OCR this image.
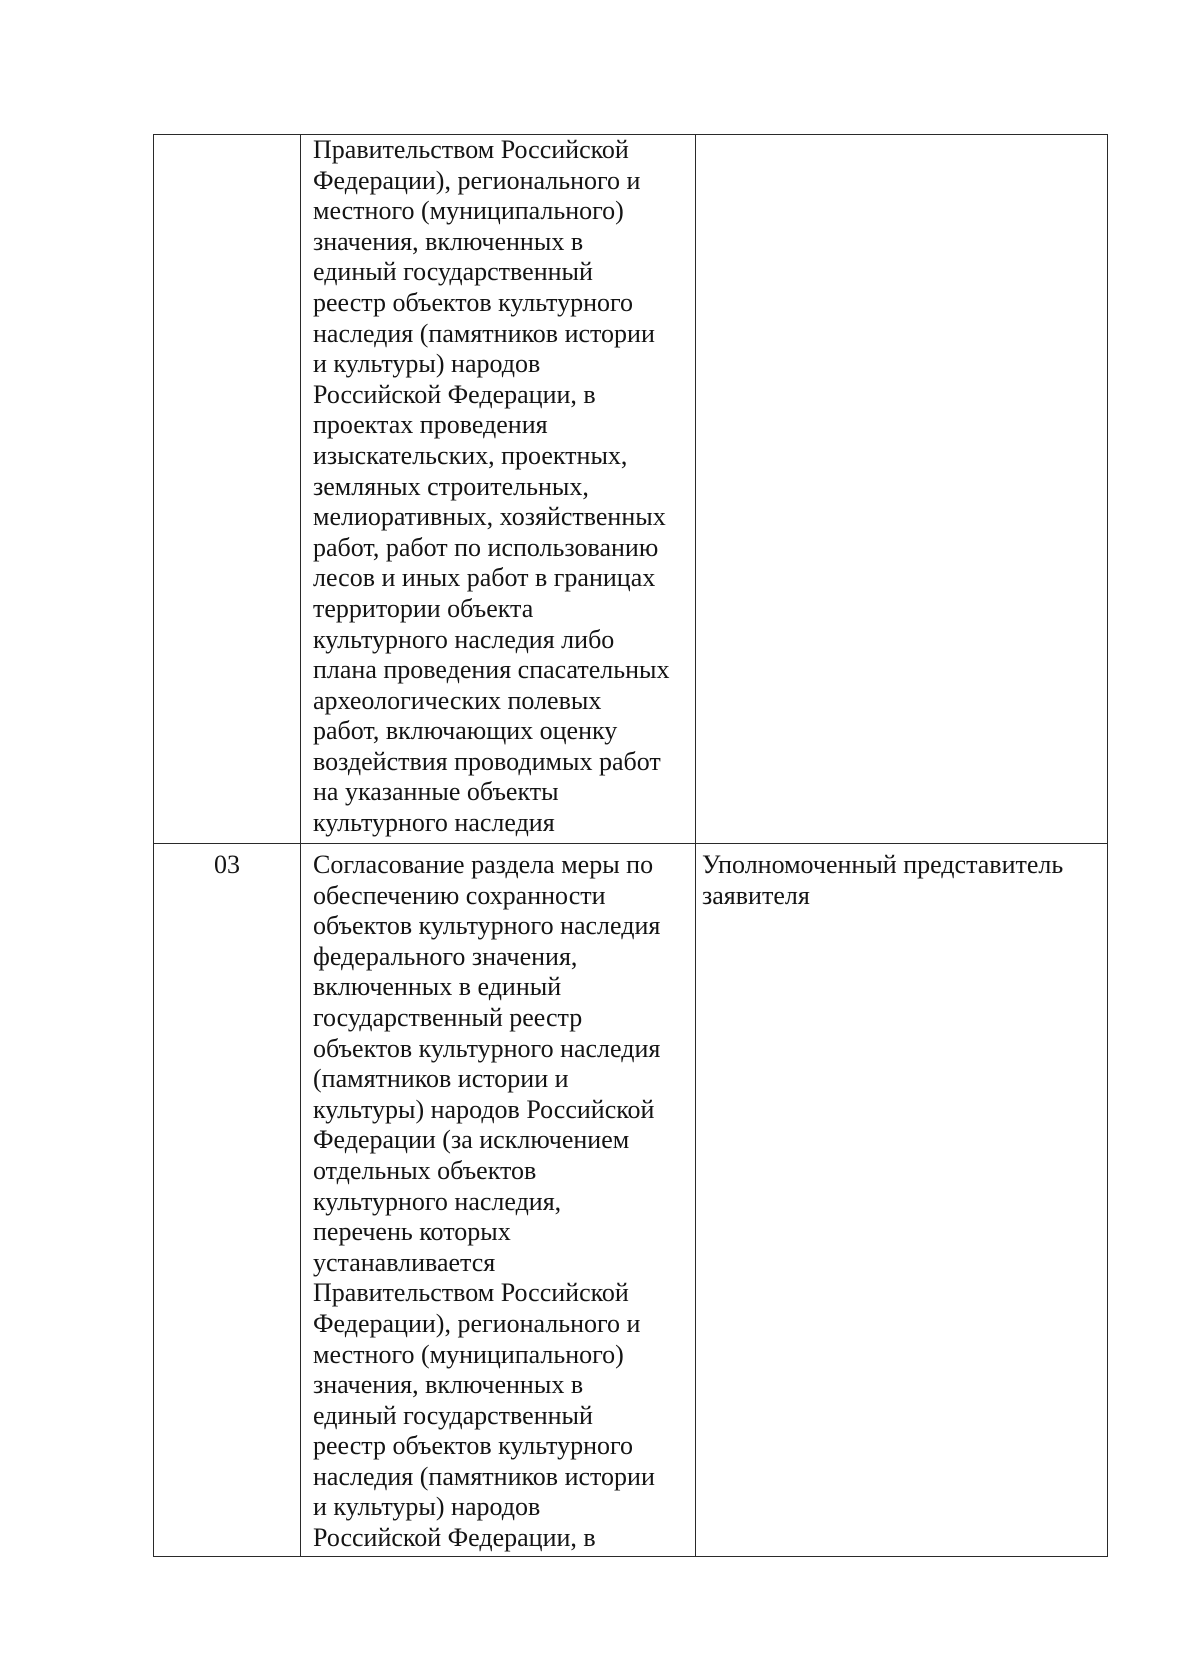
Правительством Российской
Федерации), регионального и
местного (муниципального)
значения, включенных в
единый государственный
реестр объектов культурного
наследия (памятников истории
и культуры) народов
Российской Федерации, в
проектах проведения
изыскательских, проектных,
земляных строительных,
мелиоративных, хозяйственных
работ, работ по использованию
лесов и иных работ в границах
территории объекта
культурного наследия либо
плана проведения спасательных
археологических полевых
работ, включающих оценку
воздействия проводимых работ
на указанные объекты
культурного наследия
03	Согласование раздела меры по
обеспечению сохранности
объектов культурного наследия
федерального значения,
включенных в единый
государственный реестр
объектов культурного наследия
(памятников истории и
культуры) народов Российской
Федерации (за исключением
отдельных объектов
культурного наследия,
перечень которых
устанавливается
Правительством Российской
Федерации), регионального и
местного (муниципального)
значения, включенных в
единый государственный
реестр объектов культурного
наследия (памятников истории
и культуры) народов
Российской Федерации, в
Уполномоченный представитель
заявителя
